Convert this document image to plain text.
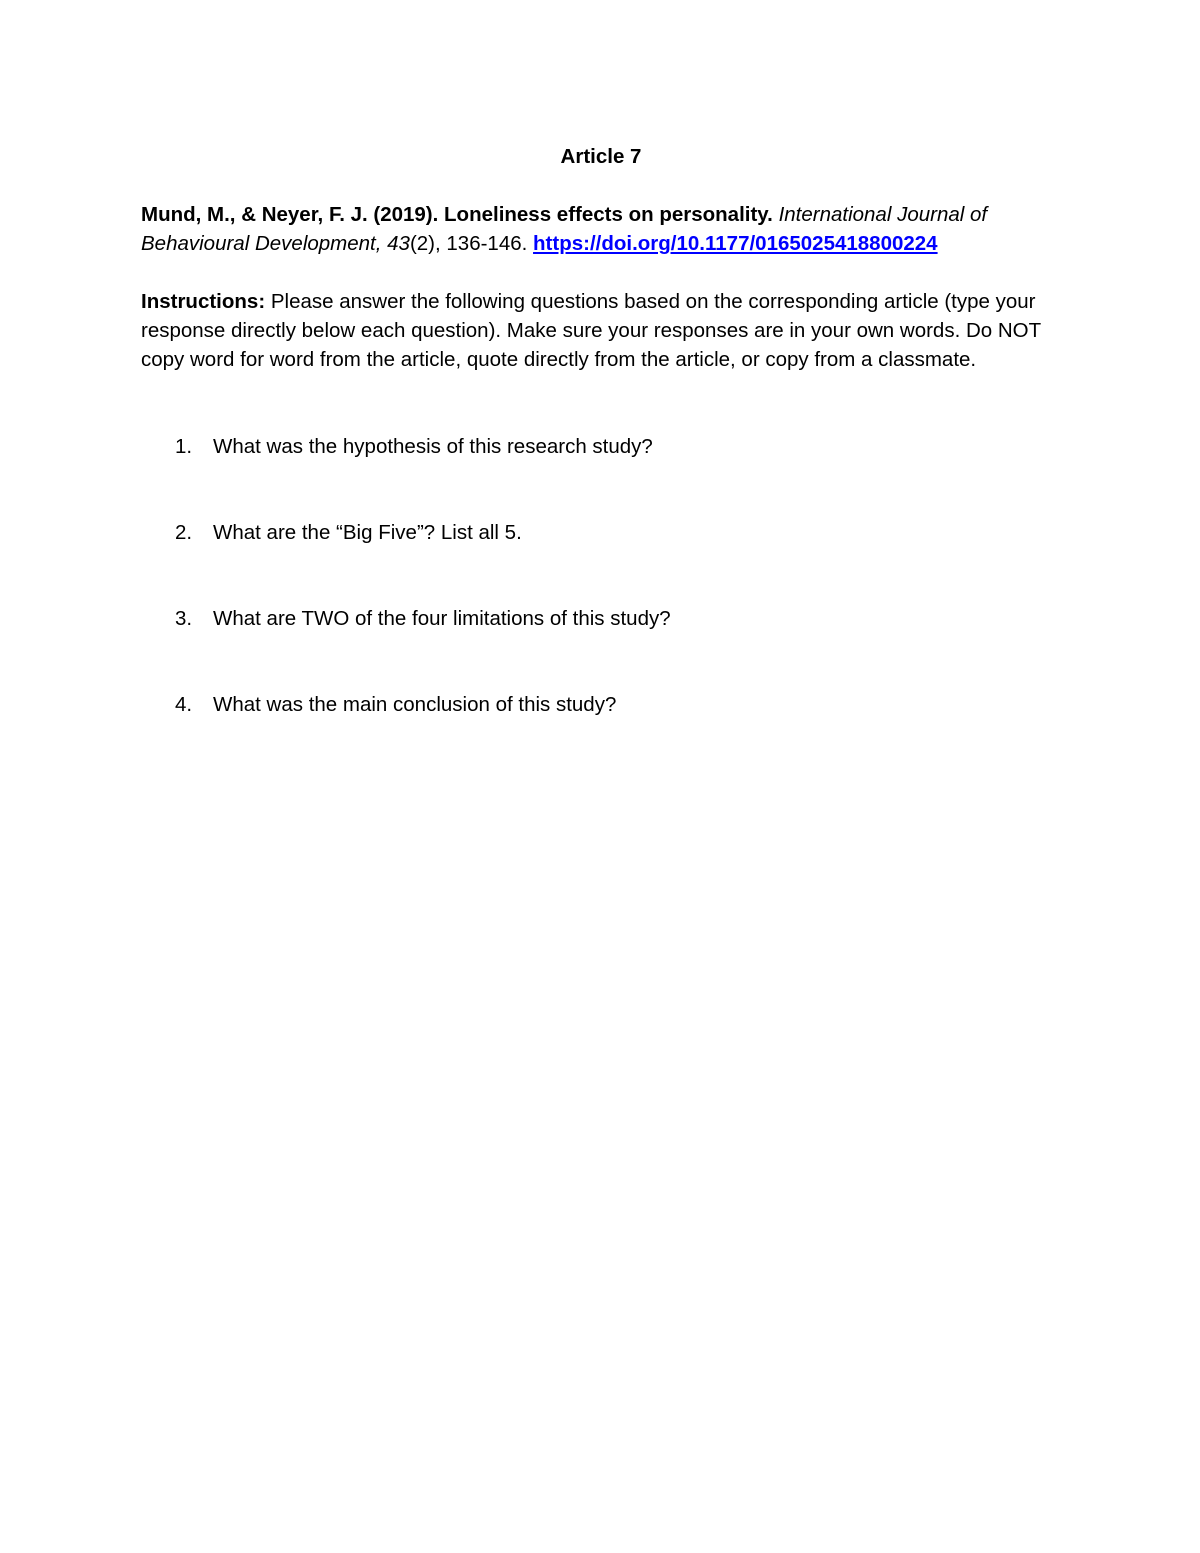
Article 7

Mund, M., & Neyer, F. J. (2019). Loneliness effects on personality. International Journal of Behavioural Development, 43(2), 136-146. https://doi.org/10.1177/0165025418800224

Instructions: Please answer the following questions based on the corresponding article (type your response directly below each question). Make sure your responses are in your own words. Do NOT copy word for word from the article, quote directly from the article, or copy from a classmate.

1.	What was the hypothesis of this research study?
2.	What are the “Big Five”? List all 5.
3.	What are TWO of the four limitations of this study?
4.	What was the main conclusion of this study?
